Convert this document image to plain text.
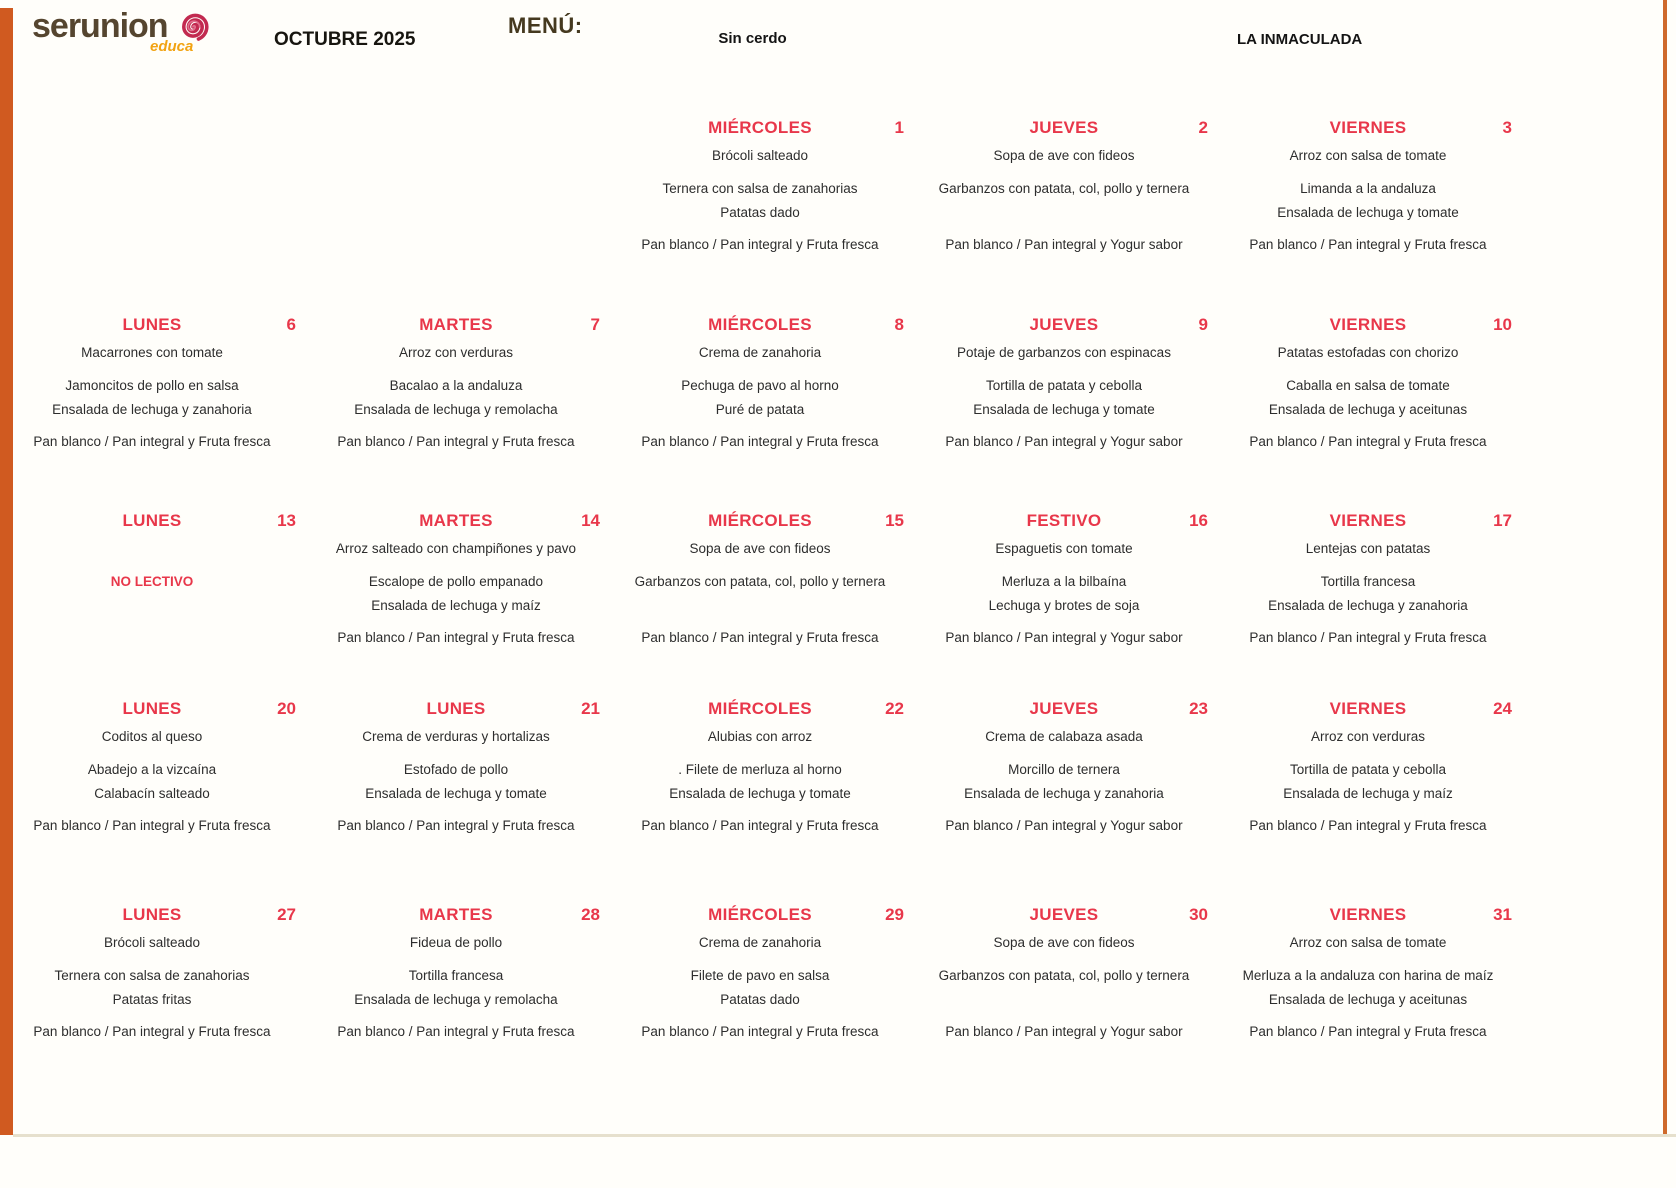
serunion
educa	OCTUBRE 2025
MENÚ:
Sin cerdo	LA INMACULADA
MIÉRCOLES	1
Brócoli salteado
Ternera con salsa de zanahorias
Patatas dado
Pan blanco / Pan integral y Fruta fresca
JUEVES	2
Sopa de ave con fideos
Garbanzos con patata, col, pollo y ternera
Pan blanco / Pan integral y Yogur sabor
VIERNES	3
Arroz con salsa de tomate
Limanda a la andaluza
Ensalada de lechuga y tomate
Pan blanco / Pan integral y Fruta fresca
LUNES	6
Macarrones con tomate
Jamoncitos de pollo en salsa
Ensalada de lechuga y zanahoria
Pan blanco / Pan integral y Fruta fresca
MARTES	7
Arroz con verduras
Bacalao a la andaluza
Ensalada de lechuga y remolacha
Pan blanco / Pan integral y Fruta fresca
MIÉRCOLES	8
Crema de zanahoria
Pechuga de pavo al horno
Puré de patata
Pan blanco / Pan integral y Fruta fresca
JUEVES	9
Potaje de garbanzos con espinacas
Tortilla de patata y cebolla
Ensalada de lechuga y tomate
Pan blanco / Pan integral y Yogur sabor
VIERNES	10
Patatas estofadas con chorizo
Caballa en salsa de tomate
Ensalada de lechuga y aceitunas
Pan blanco / Pan integral y Fruta fresca
LUNES	13
NO LECTIVO
MARTES	14
Arroz salteado con champiñones y pavo
Escalope de pollo empanado
Ensalada de lechuga y maíz
Pan blanco / Pan integral y Fruta fresca
MIÉRCOLES	15
Sopa de ave con fideos
Garbanzos con patata, col, pollo y ternera
Pan blanco / Pan integral y Fruta fresca
FESTIVO	16
Espaguetis con tomate
Merluza a la bilbaína
Lechuga y brotes de soja
Pan blanco / Pan integral y Yogur sabor
VIERNES	17
Lentejas con patatas
Tortilla francesa
Ensalada de lechuga y zanahoria
Pan blanco / Pan integral y Fruta fresca
LUNES	20
Coditos al queso
Abadejo a la vizcaína
Calabacín salteado
Pan blanco / Pan integral y Fruta fresca
LUNES	21
Crema de verduras y hortalizas
Estofado de pollo
Ensalada de lechuga y tomate
Pan blanco / Pan integral y Fruta fresca
MIÉRCOLES	22
Alubias con arroz
. Filete de merluza al horno
Ensalada de lechuga y tomate
Pan blanco / Pan integral y Fruta fresca
JUEVES	23
Crema de calabaza asada
Morcillo de ternera
Ensalada de lechuga y zanahoria
Pan blanco / Pan integral y Yogur sabor
VIERNES	24
Arroz con verduras
Tortilla de patata y cebolla
Ensalada de lechuga y maíz
Pan blanco / Pan integral y Fruta fresca
LUNES	27
Brócoli salteado
Ternera con salsa de zanahorias
Patatas fritas
Pan blanco / Pan integral y Fruta fresca
MARTES	28
Fideua de pollo
Tortilla francesa
Ensalada de lechuga y remolacha
Pan blanco / Pan integral y Fruta fresca
MIÉRCOLES	29
Crema de zanahoria
Filete de pavo en salsa
Patatas dado
Pan blanco / Pan integral y Fruta fresca
JUEVES	30
Sopa de ave con fideos
Garbanzos con patata, col, pollo y ternera
Pan blanco / Pan integral y Yogur sabor
VIERNES	31
Arroz con salsa de tomate
Merluza a la andaluza con harina de maíz
Ensalada de lechuga y aceitunas
Pan blanco / Pan integral y Fruta fresca
